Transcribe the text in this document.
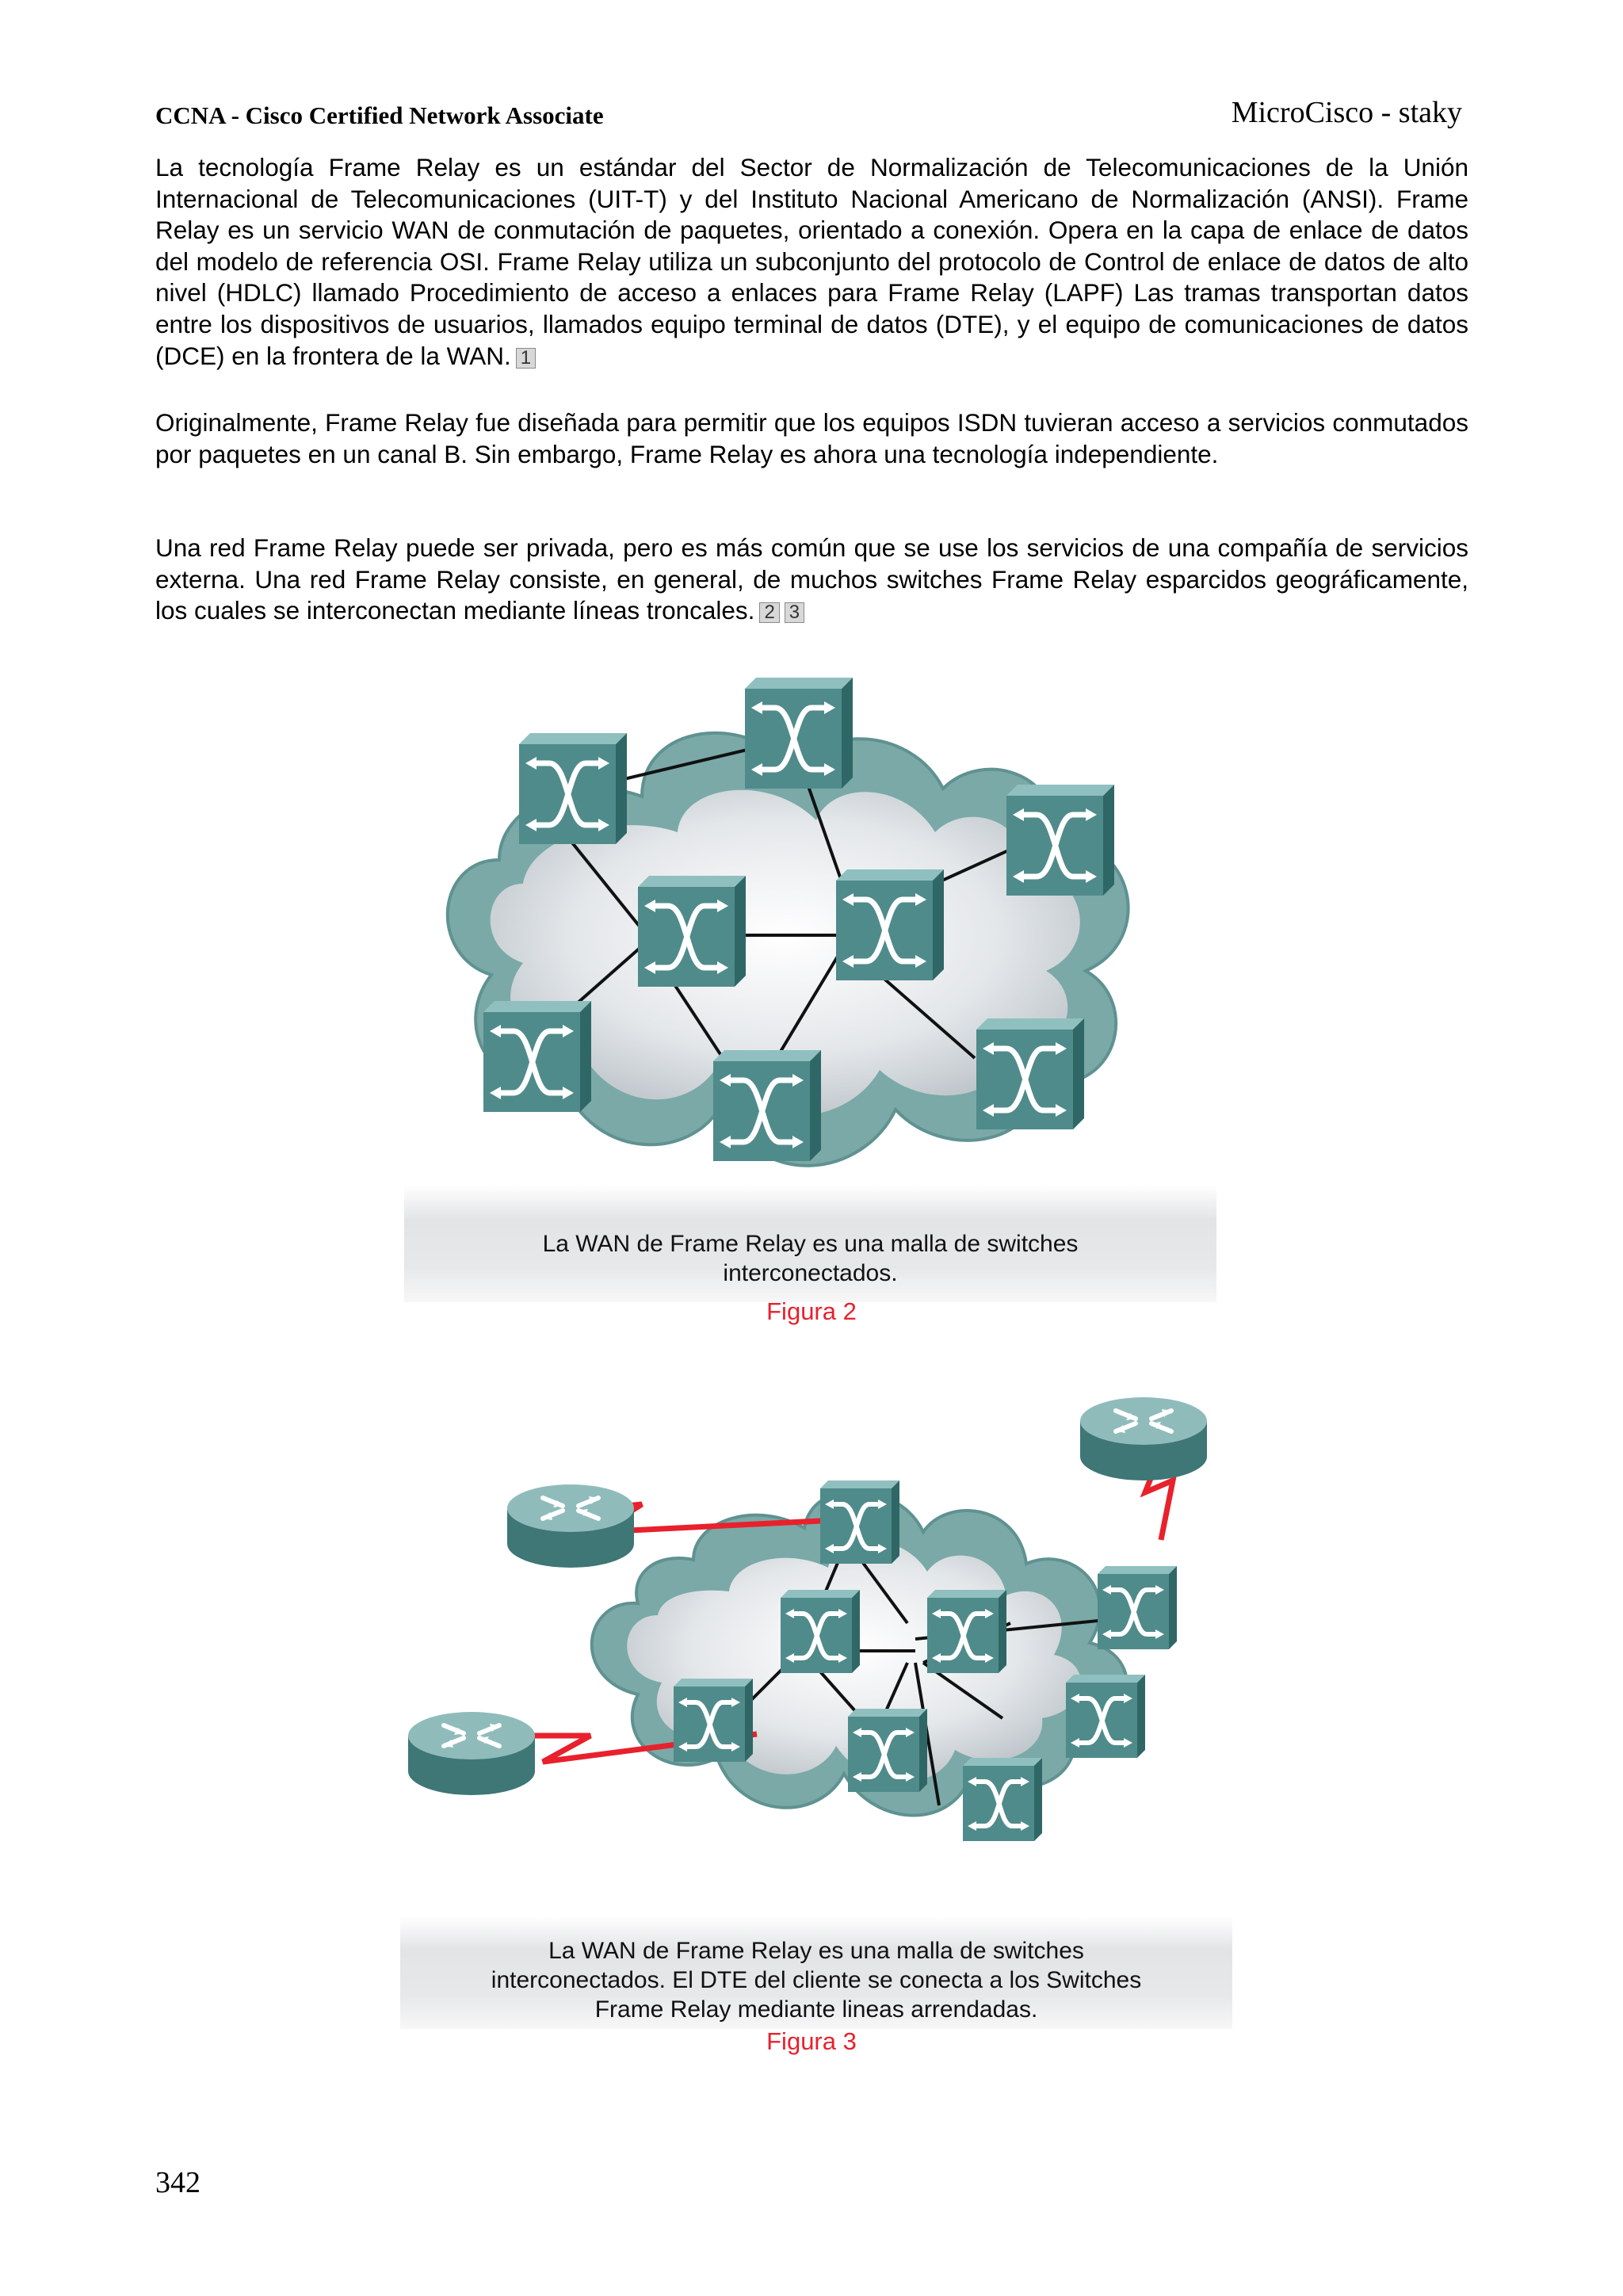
CCNA - Cisco Certified Network Associate	MicroCisco - staky
La tecnología Frame Relay es un estándar del Sector de Normalización de Telecomunicaciones de la Unión Internacional de Telecomunicaciones (UIT-T) y del Instituto Nacional Americano de Normalización (ANSI). Frame Relay es un servicio WAN de conmutación de paquetes, orientado a conexión. Opera en la capa de enlace de datos del modelo de referencia OSI. Frame Relay utiliza un subconjunto del protocolo de Control de enlace de datos de alto nivel (HDLC) llamado Procedimiento de acceso a enlaces para Frame Relay (LAPF) Las tramas transportan datos entre los dispositivos de usuarios, llamados equipo terminal de datos (DTE), y el equipo de comunicaciones de datos (DCE) en la frontera de la WAN. 1
Originalmente, Frame Relay fue diseñada para permitir que los equipos ISDN tuvieran acceso a servicios conmutados por paquetes en un canal B. Sin embargo, Frame Relay es ahora una tecnología independiente.
Una red Frame Relay puede ser privada, pero es más común que se use los servicios de una compañía de servicios externa. Una red Frame Relay consiste, en general, de muchos switches Frame Relay esparcidos geográficamente, los cuales se interconectan mediante líneas troncales. 2 3
La WAN de Frame Relay es una malla de switches
interconectados.
Figura 2
La WAN de Frame Relay es una malla de switches
interconectados. El DTE del cliente se conecta a los Switches
Frame Relay mediante lineas arrendadas.
Figura 3
342
